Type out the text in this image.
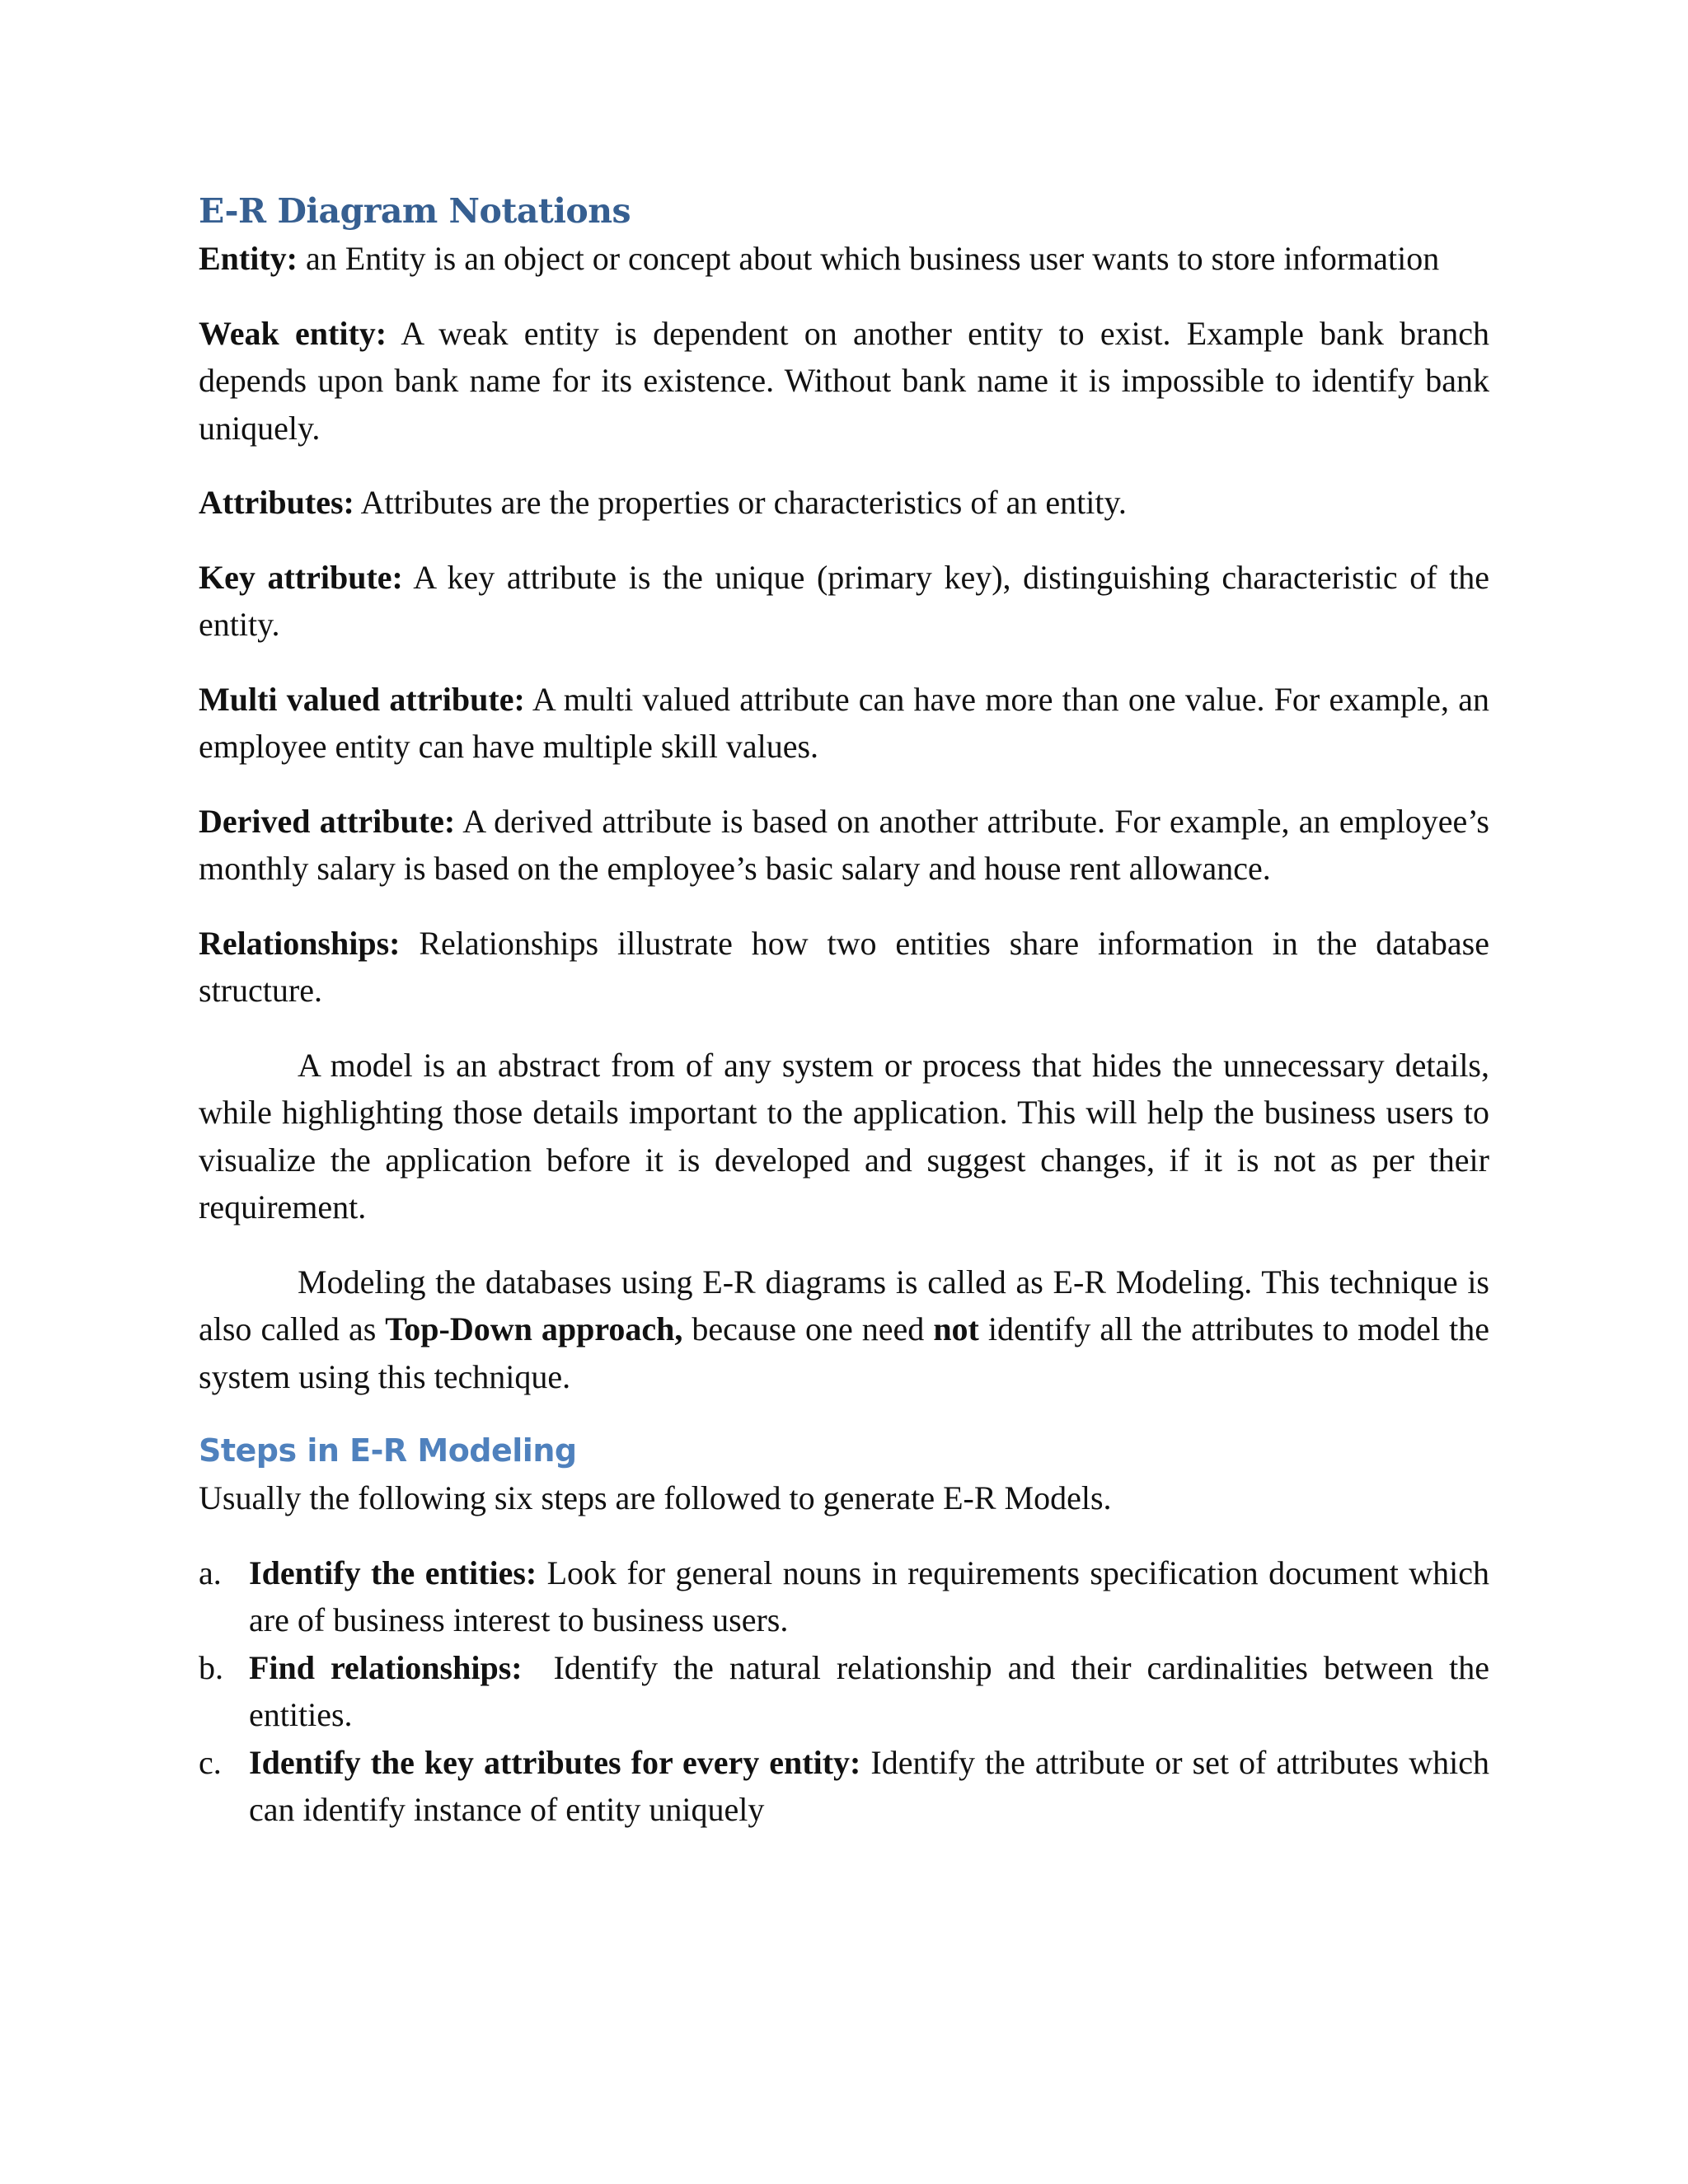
E-R Diagram Notations

Entity: an Entity is an object or concept about which business user wants to store information

Weak entity: A weak entity is dependent on another entity to exist. Example bank branch depends upon bank name for its existence. Without bank name it is impossible to identify bank uniquely.

Attributes: Attributes are the properties or characteristics of an entity.

Key attribute: A key attribute is the unique (primary key), distinguishing characteristic of the entity.

Multi valued attribute: A multi valued attribute can have more than one value. For example, an employee entity can have multiple skill values.

Derived attribute: A derived attribute is based on another attribute. For example, an employee’s monthly salary is based on the employee’s basic salary and house rent allowance.

Relationships: Relationships illustrate how two entities share information in the database structure.

A model is an abstract from of any system or process that hides the unnecessary details, while highlighting those details important to the application. This will help the business users to visualize the application before it is developed and suggest changes, if it is not as per their requirement.

Modeling the databases using E-R diagrams is called as E-R Modeling. This technique is also called as Top-Down approach, because one need not identify all the attributes to model the system using this technique.

Steps in E-R Modeling

Usually the following six steps are followed to generate E-R Models.

a. Identify the entities: Look for general nouns in requirements specification document which are of business interest to business users.
b. Find relationships:  Identify the natural relationship and their cardinalities between the entities.
c. Identify the key attributes for every entity: Identify the attribute or set of attributes which can identify instance of entity uniquely
